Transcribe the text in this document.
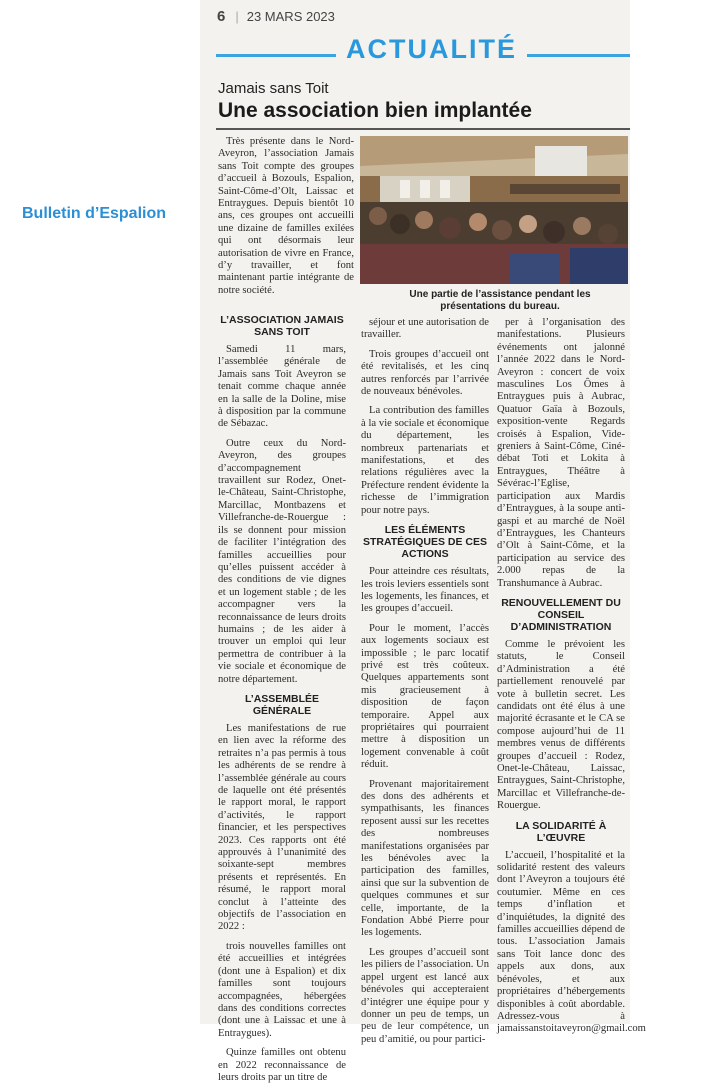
6 | 23 MARS 2023
ACTUALITÉ
Jamais sans Toit
Une association bien implantée
Bulletin d’Espalion

Très présente dans le Nord-Aveyron, l’association Jamais sans Toit compte des groupes d’accueil à Bozouls, Espalion, Saint-Côme-d’Olt, Laissac et Entraygues. Depuis bientôt 10 ans, ces groupes ont accueilli une dizaine de familles exilées qui ont désormais leur autorisation de vivre en France, d’y travailler, et font maintenant partie intégrante de notre société.	Une partie de l’assistance pendant les présentations du bureau.
L’ASSOCIATION JAMAIS SANS TOIT

Samedi 11 mars, l’assemblée générale de Jamais sans Toit Aveyron se tenait comme chaque année en la salle de la Doline, mise à disposition par la commune de Sébazac.

Outre ceux du Nord-Aveyron, des groupes d’accompagnement travaillent sur Rodez, Onet-le-Château, Saint-Christophe, Marcillac, Montbazens et Villefranche-de-Rouergue : ils se donnent pour mission de faciliter l’intégration des familles accueillies pour qu’elles puissent accéder à des conditions de vie dignes et un logement stable ; de les accompagner vers la reconnaissance de leurs droits humains ; de les aider à trouver un emploi qui leur permettra de contribuer à la vie sociale et économique de notre département.

L’ASSEMBLÉE GÉNÉRALE

Les manifestations de rue en lien avec la réforme des retraites n’a pas permis à tous les adhérents de se rendre à l’assemblée générale au cours de laquelle ont été présentés le rapport moral, le rapport d’activités, le rapport financier, et les perspectives 2023. Ces rapports ont été approuvés à l’unanimité des soixante-sept membres présents et représentés. En résumé, le rapport moral conclut à l’atteinte des objectifs de l’association en 2022 :

trois nouvelles familles ont été accueillies et intégrées (dont une à Espalion) et dix familles sont toujours accompagnées, hébergées dans des conditions correctes (dont une à Laissac et une à Entraygues).

Quinze familles ont obtenu en 2022 reconnaissance de leurs droits par un titre de

séjour et une autorisation de travailler.

Trois groupes d’accueil ont été revitalisés, et les cinq autres renforcés par l’arrivée de nouveaux bénévoles.

La contribution des familles à la vie sociale et économique du département, les nombreux partenariats et manifestations, et des relations régulières avec la Préfecture rendent évidente la richesse de l’immigration pour notre pays.

LES ÉLÉMENTS STRATÉGIQUES DE CES ACTIONS

Pour atteindre ces résultats, les trois leviers essentiels sont les logements, les finances, et les groupes d’accueil.

Pour le moment, l’accès aux logements sociaux est impossible ; le parc locatif privé est très coûteux. Quelques appartements sont mis gracieusement à disposition de façon temporaire. Appel aux propriétaires qui pourraient mettre à disposition un logement convenable à coût réduit.

Provenant majoritairement des dons des adhérents et sympathisants, les finances reposent aussi sur les recettes des nombreuses manifestations organisées par les bénévoles avec la participation des familles, ainsi que sur la subvention de quelques communes et sur celle, importante, de la Fondation Abbé Pierre pour les logements.

Les groupes d’accueil sont les piliers de l’association. Un appel urgent est lancé aux bénévoles qui accepteraient d’intégrer une équipe pour y donner un peu de temps, un peu de leur compétence, un peu d’amitié, ou pour partici-

per à l’organisation des manifestations. Plusieurs événements ont jalonné l’année 2022 dans le Nord-Aveyron : concert de voix masculines Los Ômes à Entraygues puis à Aubrac, Quatuor Gaïa à Bozouls, exposition-vente Regards croisés à Espalion, Vide-greniers à Saint-Côme, Ciné-débat Toti et Lokita à Entraygues, Théâtre à Sévérac-l’Eglise, participation aux Mardis d’Entraygues, à la soupe anti-gaspi et au marché de Noël d’Entraygues, les Chanteurs d’Olt à Saint-Côme, et la participation au service des 2.000 repas de la Transhumance à Aubrac.

RENOUVELLEMENT DU CONSEIL D’ADMINISTRATION

Comme le prévoient les statuts, le Conseil d’Administration a été partiellement renouvelé par vote à bulletin secret. Les candidats ont été élus à une majorité écrasante et le CA se compose aujourd’hui de 11 membres venus de différents groupes d’accueil : Rodez, Onet-le-Château, Laissac, Entraygues, Saint-Christophe, Marcillac et Villefranche-de-Rouergue.

LA SOLIDARITÉ À L’ŒUVRE

L’accueil, l’hospitalité et la solidarité restent des valeurs dont l’Aveyron a toujours été coutumier. Même en ces temps d’inflation et d’inquiétudes, la dignité des familles accueillies dépend de tous. L’association Jamais sans Toit lance donc des appels aux dons, aux bénévoles, et aux propriétaires d’hébergements disponibles à coût abordable. Adressez-vous à jamaissanstoitaveyron@gmail.com
